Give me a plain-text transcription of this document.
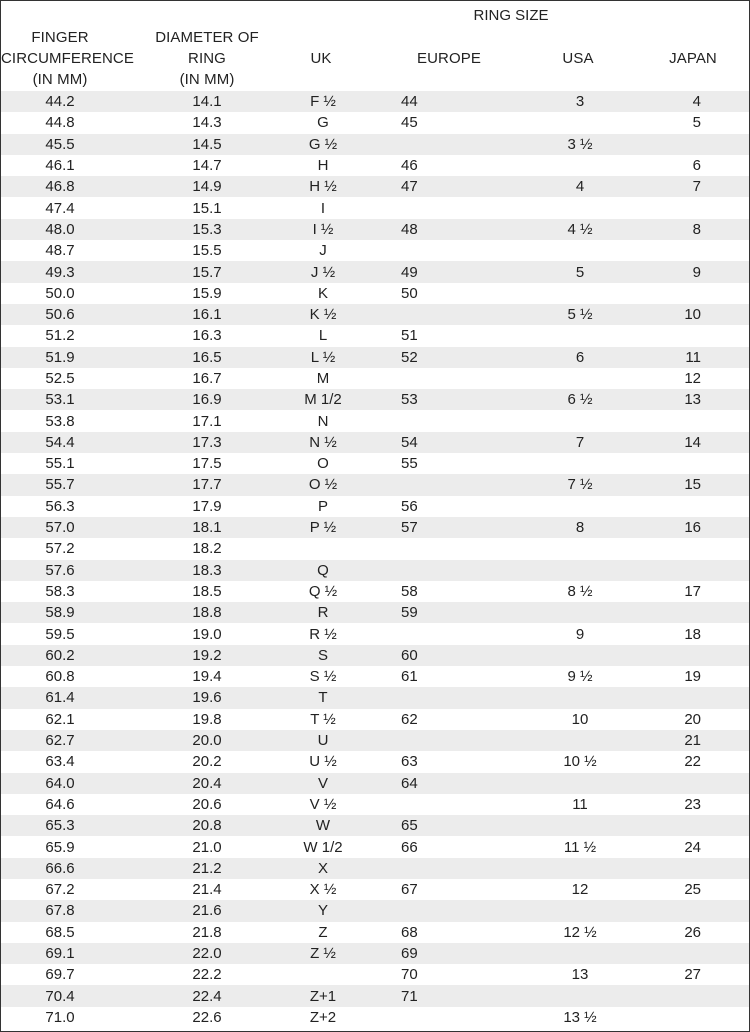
RING SIZE
FINGER
CIRCUMFERENCE
(IN MM)
DIAMETER OF
RING
(IN MM)
UK	EUROPE	USA	JAPAN
44.2	14.1	F ½	44	3	4
44.8	14.3	G	45		5
45.5	14.5	G ½		3 ½	
46.1	14.7	H	46		6
46.8	14.9	H ½	47	4	7
47.4	15.1	I			
48.0	15.3	I ½	48	4 ½	8
48.7	15.5	J			
49.3	15.7	J ½	49	5	9
50.0	15.9	K	50		
50.6	16.1	K ½		5 ½	10
51.2	16.3	L	51		
51.9	16.5	L ½	52	6	11
52.5	16.7	M			12
53.1	16.9	M 1/2	53	6 ½	13
53.8	17.1	N			
54.4	17.3	N ½	54	7	14
55.1	17.5	O	55		
55.7	17.7	O ½		7 ½	15
56.3	17.9	P	56		
57.0	18.1	P ½	57	8	16
57.2	18.2				
57.6	18.3	Q			
58.3	18.5	Q ½	58	8 ½	17
58.9	18.8	R	59		
59.5	19.0	R ½		9	18
60.2	19.2	S	60		
60.8	19.4	S ½	61	9 ½	19
61.4	19.6	T			
62.1	19.8	T ½	62	10	20
62.7	20.0	U			21
63.4	20.2	U ½	63	10 ½	22
64.0	20.4	V	64		
64.6	20.6	V ½		11	23
65.3	20.8	W	65		
65.9	21.0	W 1/2	66	11 ½	24
66.6	21.2	X			
67.2	21.4	X ½	67	12	25
67.8	21.6	Y			
68.5	21.8	Z	68	12 ½	26
69.1	22.0	Z ½	69		
69.7	22.2		70	13	27
70.4	22.4	Z+1	71		
71.0	22.6	Z+2		13 ½	
